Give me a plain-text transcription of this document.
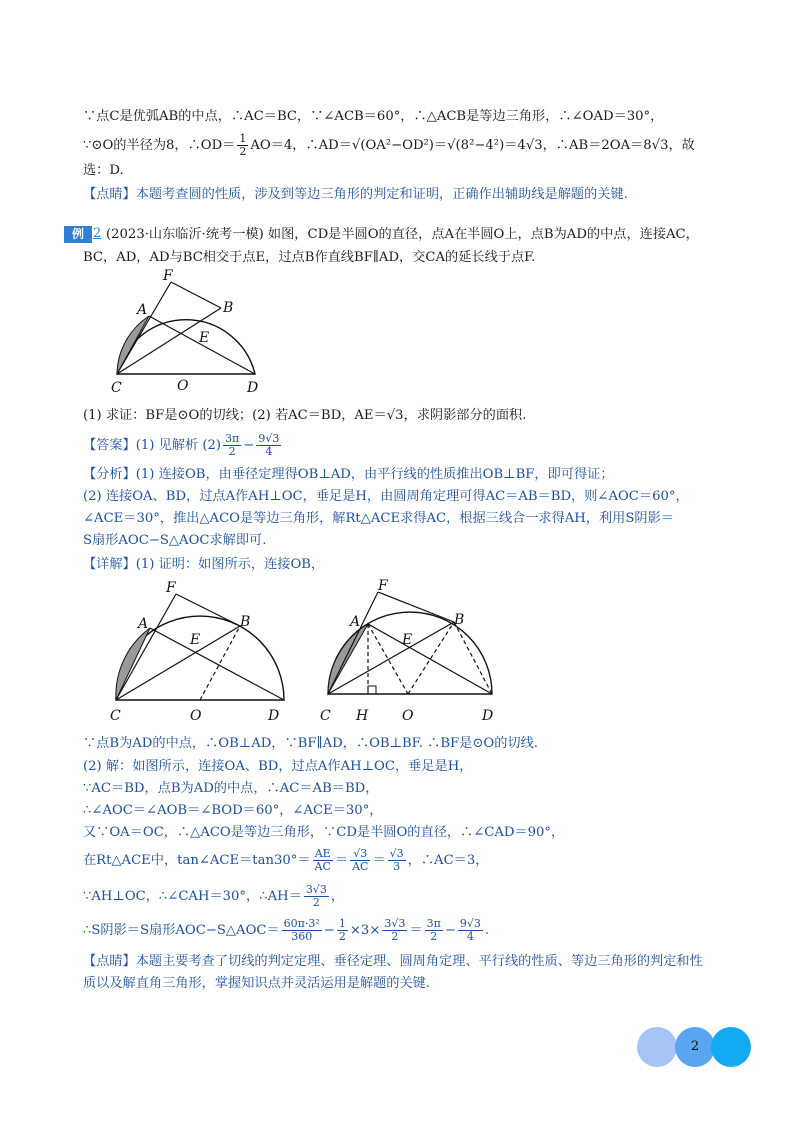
∵点C是优弧AB的中点，∴AC＝BC，∵∠ACB＝60°，∴△ACB是等边三角形，∴∠OAD＝30°，
∵⊙O的半径为8，∴OD＝ $\frac{1}{2} AO=4$，∴AD＝√(OA²−OD²)＝√(8²−4²)＝4√3，∴AB＝2OA＝8√3，故
选：D.
【点睛】本题考查圆的性质，涉及到等边三角形的判定和证明，正确作出辅助线是解题的关键.
例 2 (2023·山东临沂·统考一模) 如图，CD是半圆O的直径，点A在半圆O上，点B为AD的中点，连接AC，
BC，AD，AD与BC相交于点E，过点B作直线BF∥AD，交CA的延长线于点F.
F
A	B
E
C	O	D
(1) 求证：BF是⊙O的切线；(2) 若AC＝BD，AE＝√3，求阴影部分的面积.
【答案】(1) 见解析 $(2) \frac{3\pi}{2} - \frac{9√3}{4}$
【分析】(1) 连接OB，由垂径定理得OB⊥AD，由平行线的性质推出OB⊥BF，即可得证；
(2) 连接OA、BD，过点A作AH⊥OC，垂足是H，由圆周角定理可得AC＝AB＝BD，则∠AOC＝60°，
∠ACE＝30°，推出△ACO是等边三角形，解Rt△ACE求得AC，根据三线合一求得AH，利用S阴影＝
S扇形AOC−S△AOC求解即可.
【详解】(1) 证明：如图所示，连接OB，
F
A	B
E
C	O	D
F
A	B
E
C H O	D
∵点B为AD的中点，∴OB⊥AD，∵BF∥AD，∴OB⊥BF. ∴BF是⊙O的切线.
(2) 解：如图所示，连接OA、BD，过点A作AH⊥OC，垂足是H，
∵AC＝BD，点B为AD的中点，∴AC＝AB＝BD，
∴∠AOC＝∠AOB＝∠BOD＝60°，∠ACE＝30°，
又∵OA＝OC，∴△ACO是等边三角形，∵CD是半圆O的直径，∴∠CAD＝90°，
在Rt△ACE中，tan∠ACE＝tan30°＝ $\frac{AE}{AC} = \frac{√3}{AC} = \frac{√3}{3}$ ，∴AC＝3，
∵AH⊥OC，∴∠CAH＝30°，∴AH＝ $\frac{3√3}{2}$ ，
∴S阴影＝S扇形AOC−S△AOC＝ $\frac{\text{60π·3²}}{360} - \frac{1}{2} \times 3\times \frac{3√3}{2} = \frac{3\pi}{2} - \frac{9√3}{4}$ .
【点睛】本题主要考查了切线的判定定理、垂径定理、圆周角定理、平行线的性质、等边三角形的判定和性
质以及解直角三角形，掌握知识点并灵活运用是解题的关键.
2
